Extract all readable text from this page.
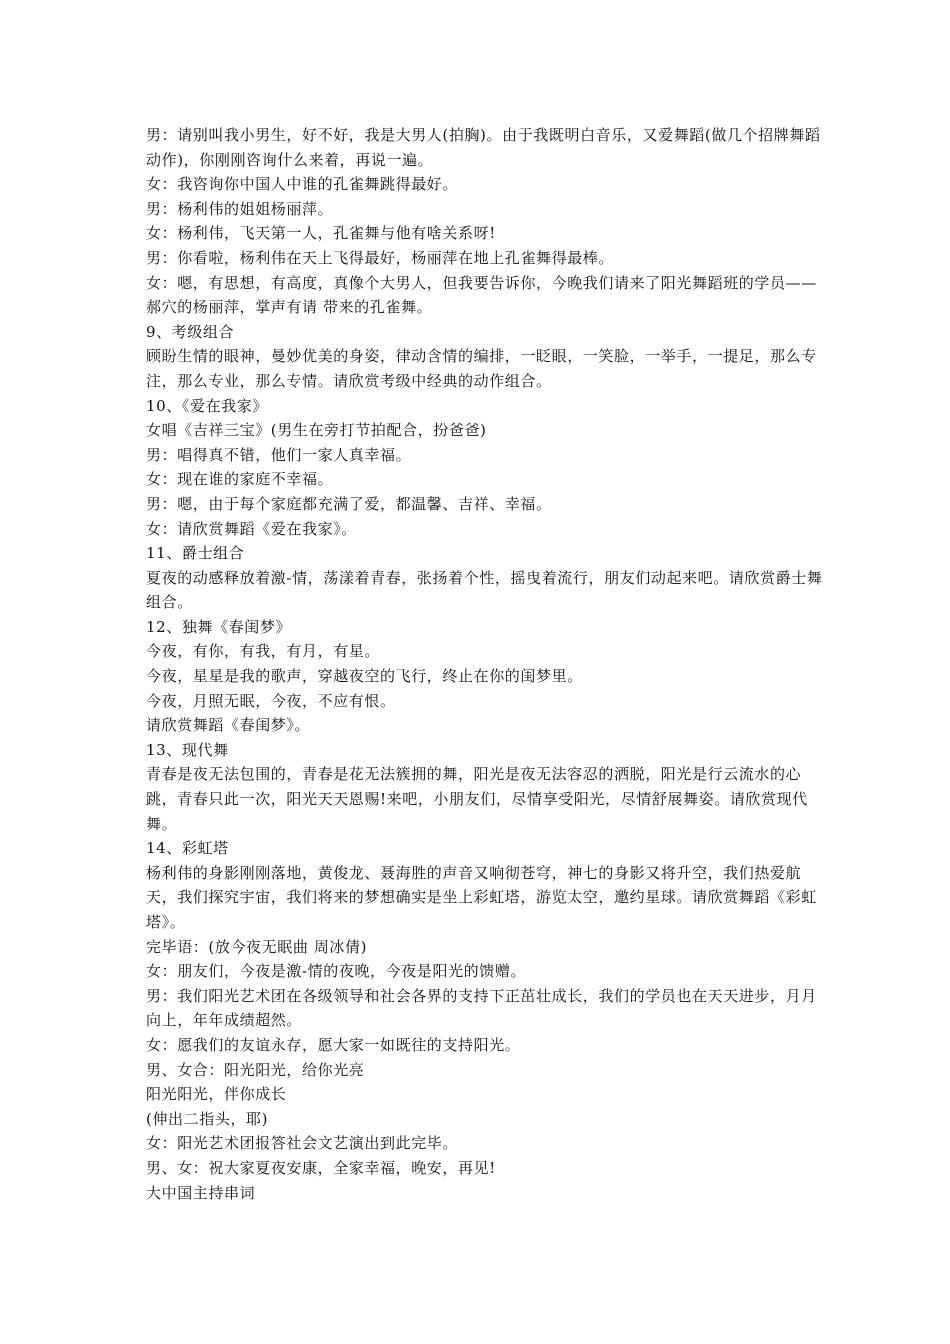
男：请别叫我小男生，好不好，我是大男人(拍胸)。由于我既明白音乐，又爱舞蹈(做几个招牌舞蹈动作)，你刚刚咨询什么来着，再说一遍。

女：我咨询你中国人中谁的孔雀舞跳得最好。

男：杨利伟的姐姐杨丽萍。

女：杨利伟，飞天第一人，孔雀舞与他有啥关系呀!

男：你看啦，杨利伟在天上飞得最好，杨丽萍在地上孔雀舞得最棒。

女：嗯，有思想，有高度，真像个大男人，但我要告诉你，今晚我们请来了阳光舞蹈班的学员——郝穴的杨丽萍，掌声有请 带来的孔雀舞。

9、考级组合

顾盼生情的眼神，曼妙优美的身姿，律动含情的编排，一眨眼，一笑脸，一举手，一提足，那么专注，那么专业，那么专情。请欣赏考级中经典的动作组合。

10、《爱在我家》

女唱《吉祥三宝》(男生在旁打节拍配合，扮爸爸)

男：唱得真不错，他们一家人真幸福。

女：现在谁的家庭不幸福。

男：嗯，由于每个家庭都充满了爱，都温馨、吉祥、幸福。

女：请欣赏舞蹈《爱在我家》。

11、爵士组合

夏夜的动感释放着激-情，荡漾着青春，张扬着个性，摇曳着流行，朋友们动起来吧。请欣赏爵士舞组合。

12、独舞《春闺梦》

今夜，有你，有我，有月，有星。

今夜，星星是我的歌声，穿越夜空的飞行，终止在你的闺梦里。

今夜，月照无眠，今夜，不应有恨。

请欣赏舞蹈《春闺梦》。

13、现代舞

青春是夜无法包围的，青春是花无法簇拥的舞，阳光是夜无法容忍的洒脱，阳光是行云流水的心跳，青春只此一次，阳光天天恩赐!来吧，小朋友们，尽情享受阳光，尽情舒展舞姿。请欣赏现代舞。

14、彩虹塔

杨利伟的身影刚刚落地，黄俊龙、聂海胜的声音又响彻苍穹，神七的身影又将升空，我们热爱航天，我们探究宇宙，我们将来的梦想确实是坐上彩虹塔，游览太空，邀约星球。请欣赏舞蹈《彩虹塔》。

完毕语：(放今夜无眠曲 周冰倩)

女：朋友们，今夜是激-情的夜晚，今夜是阳光的馈赠。

男：我们阳光艺术团在各级领导和社会各界的支持下正茁壮成长，我们的学员也在天天进步，月月向上，年年成绩超然。

女：愿我们的友谊永存，愿大家一如既往的支持阳光。

男、女合：阳光阳光，给你光亮

阳光阳光，伴你成长

(伸出二指头，耶)

女：阳光艺术团报答社会文艺演出到此完毕。

男、女：祝大家夏夜安康，全家幸福，晚安，再见!

大中国主持串词
